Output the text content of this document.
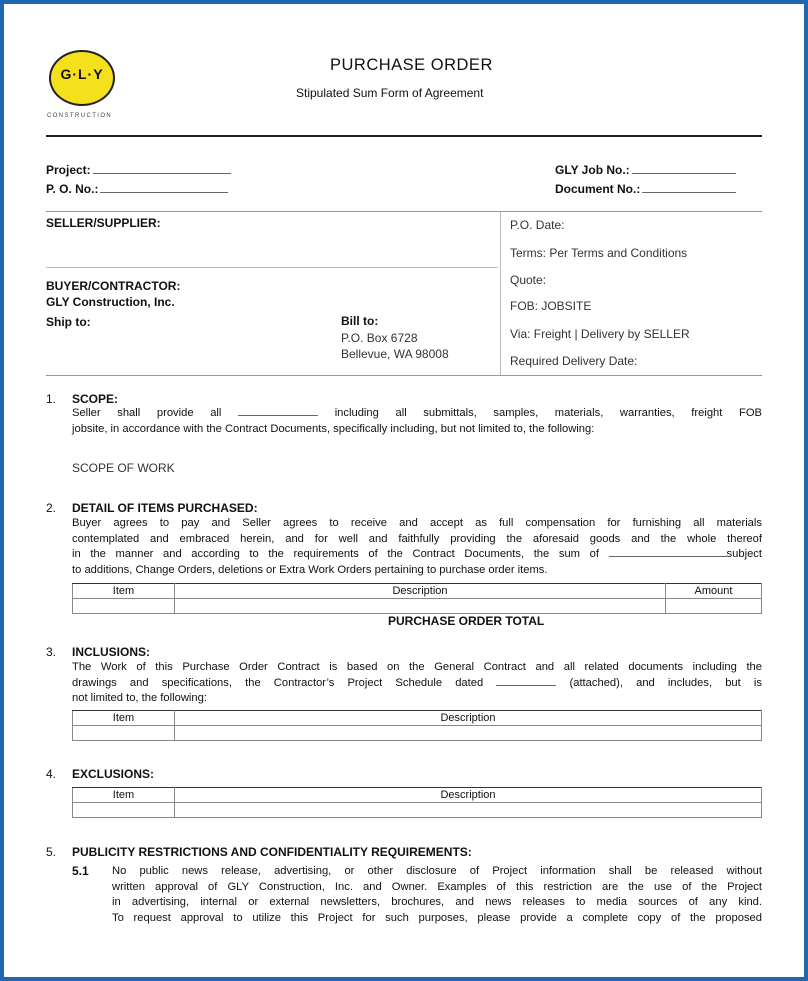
G·L·Y
CONSTRUCTION
PURCHASE ORDER
Stipulated Sum Form of Agreement
Project:
P. O. No.:
GLY Job No.:
Document No.:
SELLER/SUPPLIER:	P.O. Date:
Terms: Per Terms and Conditions
Quote:
FOB: JOBSITE
Via: Freight | Delivery by SELLER
Required Delivery Date:
BUYER/CONTRACTOR:
GLY Construction, Inc.
Ship to:	Bill to:
P.O. Box 6728
Bellevue, WA 98008
1. SCOPE:
Seller shall provide all	including all submittals, samples, materials, warranties, freight FOB
jobsite, in accordance with the Contract Documents, specifically including, but not limited to, the following:
SCOPE OF WORK
2. DETAIL OF ITEMS PURCHASED:
Buyer agrees to pay and Seller agrees to receive and accept as full compensation for furnishing all materials
contemplated and embraced herein, and for well and faithfully providing the aforesaid goods and the whole thereof
in the manner and according to the requirements of the Contract Documents, the sum of	subject
to additions, Change Orders, deletions or Extra Work Orders pertaining to purchase order items.
Item	Description	Amount

PURCHASE ORDER TOTAL
3. INCLUSIONS:
The Work of this Purchase Order Contract is based on the General Contract and all related documents including the
drawings and specifications, the Contractor’s Project Schedule dated	(attached), and includes, but is
not limited to, the following:
Item	Description

4. EXCLUSIONS:
Item	Description

5. PUBLICITY RESTRICTIONS AND CONFIDENTIALITY REQUIREMENTS:
5.1 No public news release, advertising, or other disclosure of Project information shall be released without
written approval of GLY Construction, Inc. and Owner. Examples of this restriction are the use of the Project
in advertising, internal or external newsletters, brochures, and news releases to media sources of any kind.
To request approval to utilize this Project for such purposes, please provide a complete copy of the proposed
